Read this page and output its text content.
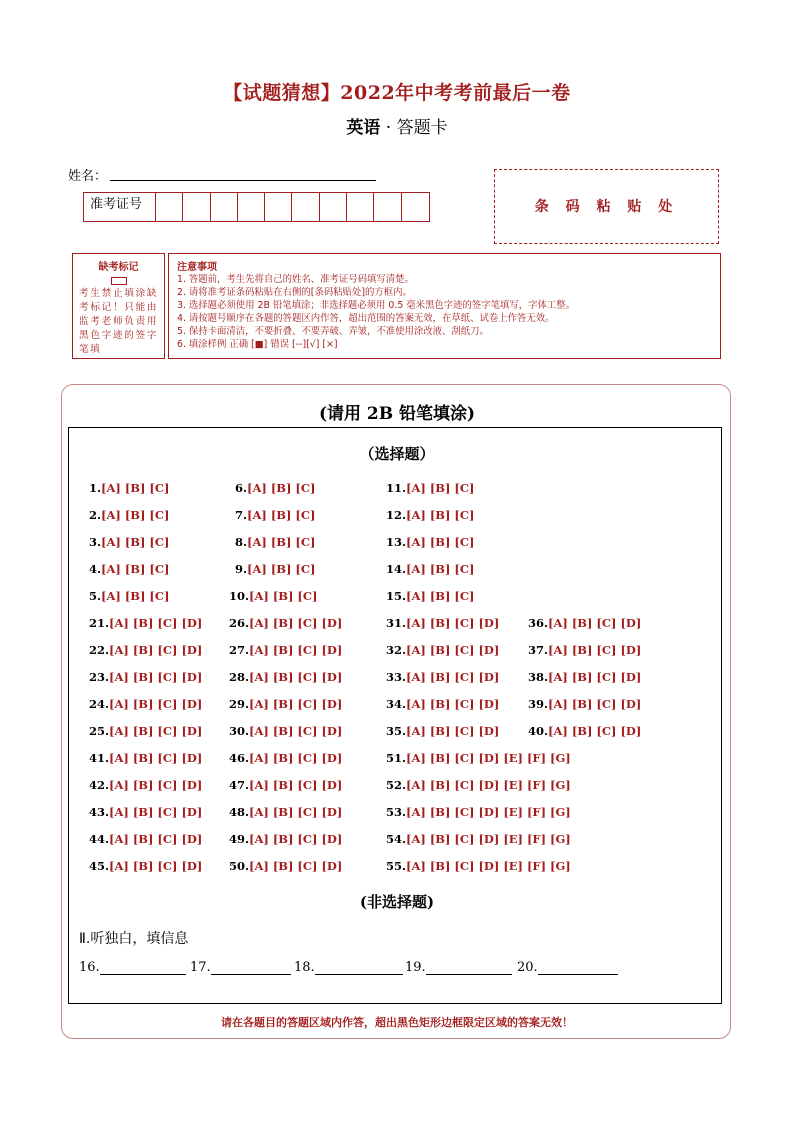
【试题猜想】2022年中考考前最后一卷
英语 · 答题卡
姓名：
准考证号	条 码 粘 贴 处
缺考标记
考生禁止填涂缺考标记！只能由监考老师负责用黑色字迹的签字笔填
注意事项
1. 答题前，考生先将自己的姓名、准考证号码填写清楚。
2. 请将准考证条码粘贴在右侧的[条码粘贴处]的方框内。
3. 选择题必须使用 2B 铅笔填涂；非选择题必须用 0.5 毫米黑色字迹的签字笔填写，字体工整。
4. 请按题号顺序在各题的答题区内作答，超出范围的答案无效，在草纸、试卷上作答无效。
5. 保持卡面清洁，不要折叠、不要弄破、弄皱，不准使用涂改液、刮纸刀。
6. 填涂样例 正确 [■] 错误 [--][√] [×]
(请用 2B 铅笔填涂)
（选择题）
1.[A] [B] [C]
2.[A] [B] [C]
3.[A] [B] [C]
4.[A] [B] [C]
5.[A] [B] [C]
6.[A] [B] [C]
7.[A] [B] [C]
8.[A] [B] [C]
9.[A] [B] [C]
10.[A] [B] [C]
11.[A] [B] [C]
12.[A] [B] [C]
13.[A] [B] [C]
14.[A] [B] [C]
15.[A] [B] [C]
21.[A] [B] [C] [D]
22.[A] [B] [C] [D]
23.[A] [B] [C] [D]
24.[A] [B] [C] [D]
25.[A] [B] [C] [D]
26.[A] [B] [C] [D]
27.[A] [B] [C] [D]
28.[A] [B] [C] [D]
29.[A] [B] [C] [D]
30.[A] [B] [C] [D]
31.[A] [B] [C] [D]
32.[A] [B] [C] [D]
33.[A] [B] [C] [D]
34.[A] [B] [C] [D]
35.[A] [B] [C] [D]
36.[A] [B] [C] [D]
37.[A] [B] [C] [D]
38.[A] [B] [C] [D]
39.[A] [B] [C] [D]
40.[A] [B] [C] [D]
41.[A] [B] [C] [D]
42.[A] [B] [C] [D]
43.[A] [B] [C] [D]
44.[A] [B] [C] [D]
45.[A] [B] [C] [D]
46.[A] [B] [C] [D]
47.[A] [B] [C] [D]
48.[A] [B] [C] [D]
49.[A] [B] [C] [D]
50.[A] [B] [C] [D]
51.[A] [B] [C] [D] [E] [F] [G]
52.[A] [B] [C] [D] [E] [F] [G]
53.[A] [B] [C] [D] [E] [F] [G]
54.[A] [B] [C] [D] [E] [F] [G]
55.[A] [B] [C] [D] [E] [F] [G]
(非选择题)
Ⅱ.听独白，填信息
16.	17.	18.	19.	20.
请在各题目的答题区域内作答，超出黑色矩形边框限定区域的答案无效！
